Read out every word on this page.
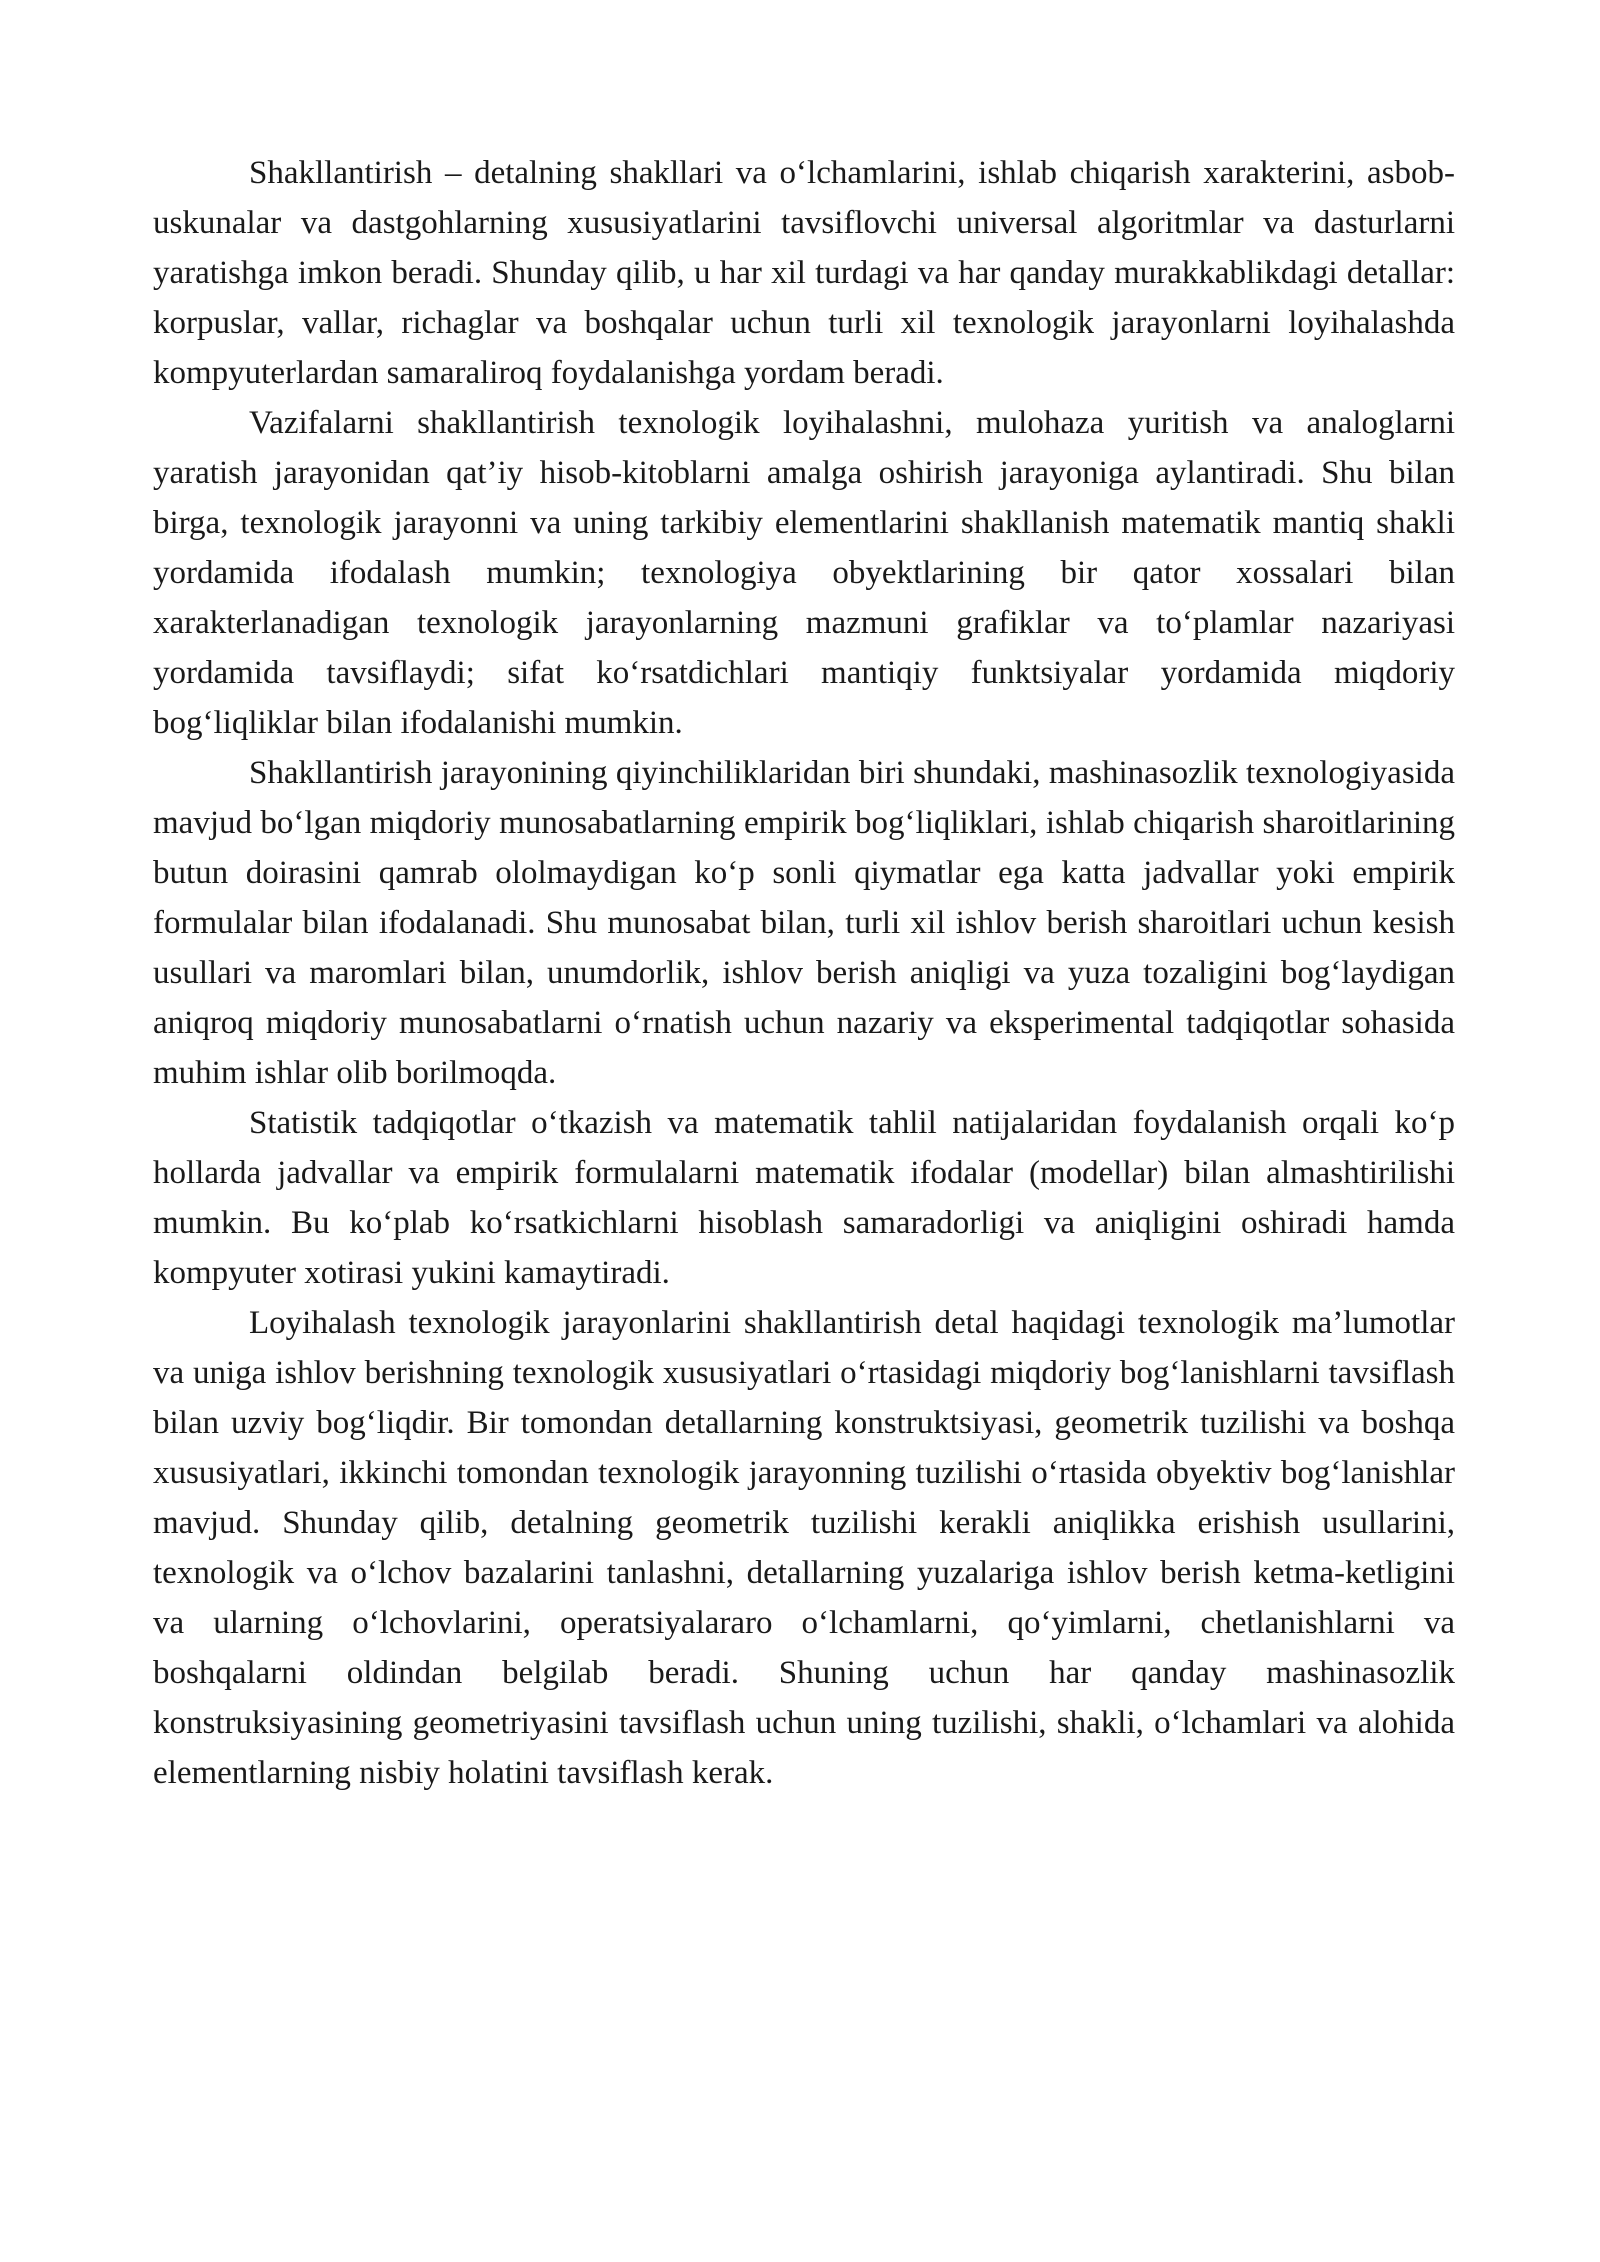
Shakllantirish – detalning shakllari va o‘lchamlarini, ishlab chiqarish xarakterini, asbob-uskunalar va dastgohlarning xususiyatlarini tavsiflovchi universal algoritmlar va dasturlarni yaratishga imkon beradi. Shunday qilib, u har xil turdagi va har qanday murakkablikdagi detallar: korpuslar, vallar, richaglar va boshqalar uchun turli xil texnologik jarayonlarni loyihalashda kompyuterlardan samaraliroq foydalanishga yordam beradi.

Vazifalarni shakllantirish texnologik loyihalashni, mulohaza yuritish va analoglarni yaratish jarayonidan qat’iy hisob-kitoblarni amalga oshirish jarayoniga aylantiradi. Shu bilan birga, texnologik jarayonni va uning tarkibiy elementlarini shakllanish matematik mantiq shakli yordamida ifodalash mumkin; texnologiya obyektlarining bir qator xossalari bilan xarakterlanadigan texnologik jarayonlarning mazmuni grafiklar va to‘plamlar nazariyasi yordamida tavsiflaydi; sifat ko‘rsatdichlari mantiqiy funktsiyalar yordamida miqdoriy bog‘liqliklar bilan ifodalanishi mumkin.

Shakllantirish jarayonining qiyinchiliklaridan biri shundaki, mashinasozlik texnologiyasida mavjud bo‘lgan miqdoriy munosabatlarning empirik bog‘liqliklari, ishlab chiqarish sharoitlarining butun doirasini qamrab ololmaydigan ko‘p sonli qiymatlar ega katta jadvallar yoki empirik formulalar bilan ifodalanadi. Shu munosabat bilan, turli xil ishlov berish sharoitlari uchun kesish usullari va maromlari bilan, unumdorlik, ishlov berish aniqligi va yuza tozaligini bog‘laydigan aniqroq miqdoriy munosabatlarni o‘rnatish uchun nazariy va eksperimental tadqiqotlar sohasida muhim ishlar olib borilmoqda.

Statistik tadqiqotlar o‘tkazish va matematik tahlil natijalaridan foydalanish orqali ko‘p hollarda jadvallar va empirik formulalarni matematik ifodalar (modellar) bilan almashtirilishi mumkin. Bu ko‘plab ko‘rsatkichlarni hisoblash samaradorligi va aniqligini oshiradi hamda kompyuter xotirasi yukini kamaytiradi.

Loyihalash texnologik jarayonlarini shakllantirish detal haqidagi texnologik ma’lumotlar va uniga ishlov berishning texnologik xususiyatlari o‘rtasidagi miqdoriy bog‘lanishlarni tavsiflash bilan uzviy bog‘liqdir. Bir tomondan detallarning konstruktsiyasi, geometrik tuzilishi va boshqa xususiyatlari, ikkinchi tomondan texnologik jarayonning tuzilishi o‘rtasida obyektiv bog‘lanishlar mavjud. Shunday qilib, detalning geometrik tuzilishi kerakli aniqlikka erishish usullarini, texnologik va o‘lchov bazalarini tanlashni, detallarning yuzalariga ishlov berish ketma-ketligini va ularning o‘lchovlarini, operatsiyalararo o‘lchamlarni, qo‘yimlarni, chetlanishlarni va boshqalarni oldindan belgilab beradi. Shuning uchun har qanday mashinasozlik konstruksiyasining geometriyasini tavsiflash uchun uning tuzilishi, shakli, o‘lchamlari va alohida elementlarning nisbiy holatini tavsiflash kerak.
